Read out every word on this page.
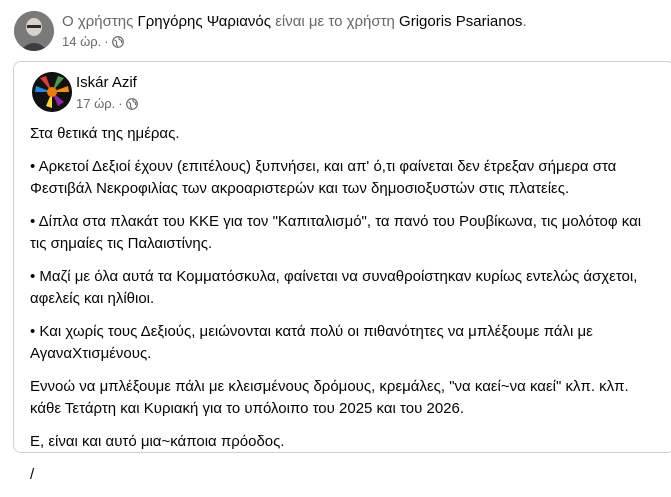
Ο χρήστης Γρηγόρης Ψαριανός είναι με το χρήστη Grigoris Psarianos.
14 ώρ. ·
Iskár Azif
17 ώρ. ·

Στα θετικά της ημέρας.

• Αρκετοί Δεξιοί έχουν (επιτέλους) ξυπνήσει, και απ' ό,τι φαίνεται δεν έτρεξαν σήμερα στα Φεστιβάλ Νεκροφιλίας των ακροαριστερών και των δημοσιοξυστών στις πλατείες.

• Δίπλα στα πλακάτ του ΚΚΕ για τον "Καπιταλισμό", τα πανό του Ρουβίκωνα, τις μολότοφ και τις σημαίες τις Παλαιστίνης.

• Μαζί με όλα αυτά τα Κομματόσκυλα, φαίνεται να συναθροίστηκαν κυρίως εντελώς άσχετοι, αφελείς και ηλίθιοι.

• Και χωρίς τους Δεξιούς, μειώνονται κατά πολύ οι πιθανότητες να μπλέξουμε πάλι με ΑγαναΧτισμένους.

Εννοώ να μπλέξουμε πάλι με κλεισμένους δρόμους, κρεμάλες, "να καεί~να καεί" κλπ. κλπ. κάθε Τετάρτη και Κυριακή για το υπόλοιπο του 2025 και του 2026.

Ε, είναι και αυτό μια~κάποια πρόοδος.

/
